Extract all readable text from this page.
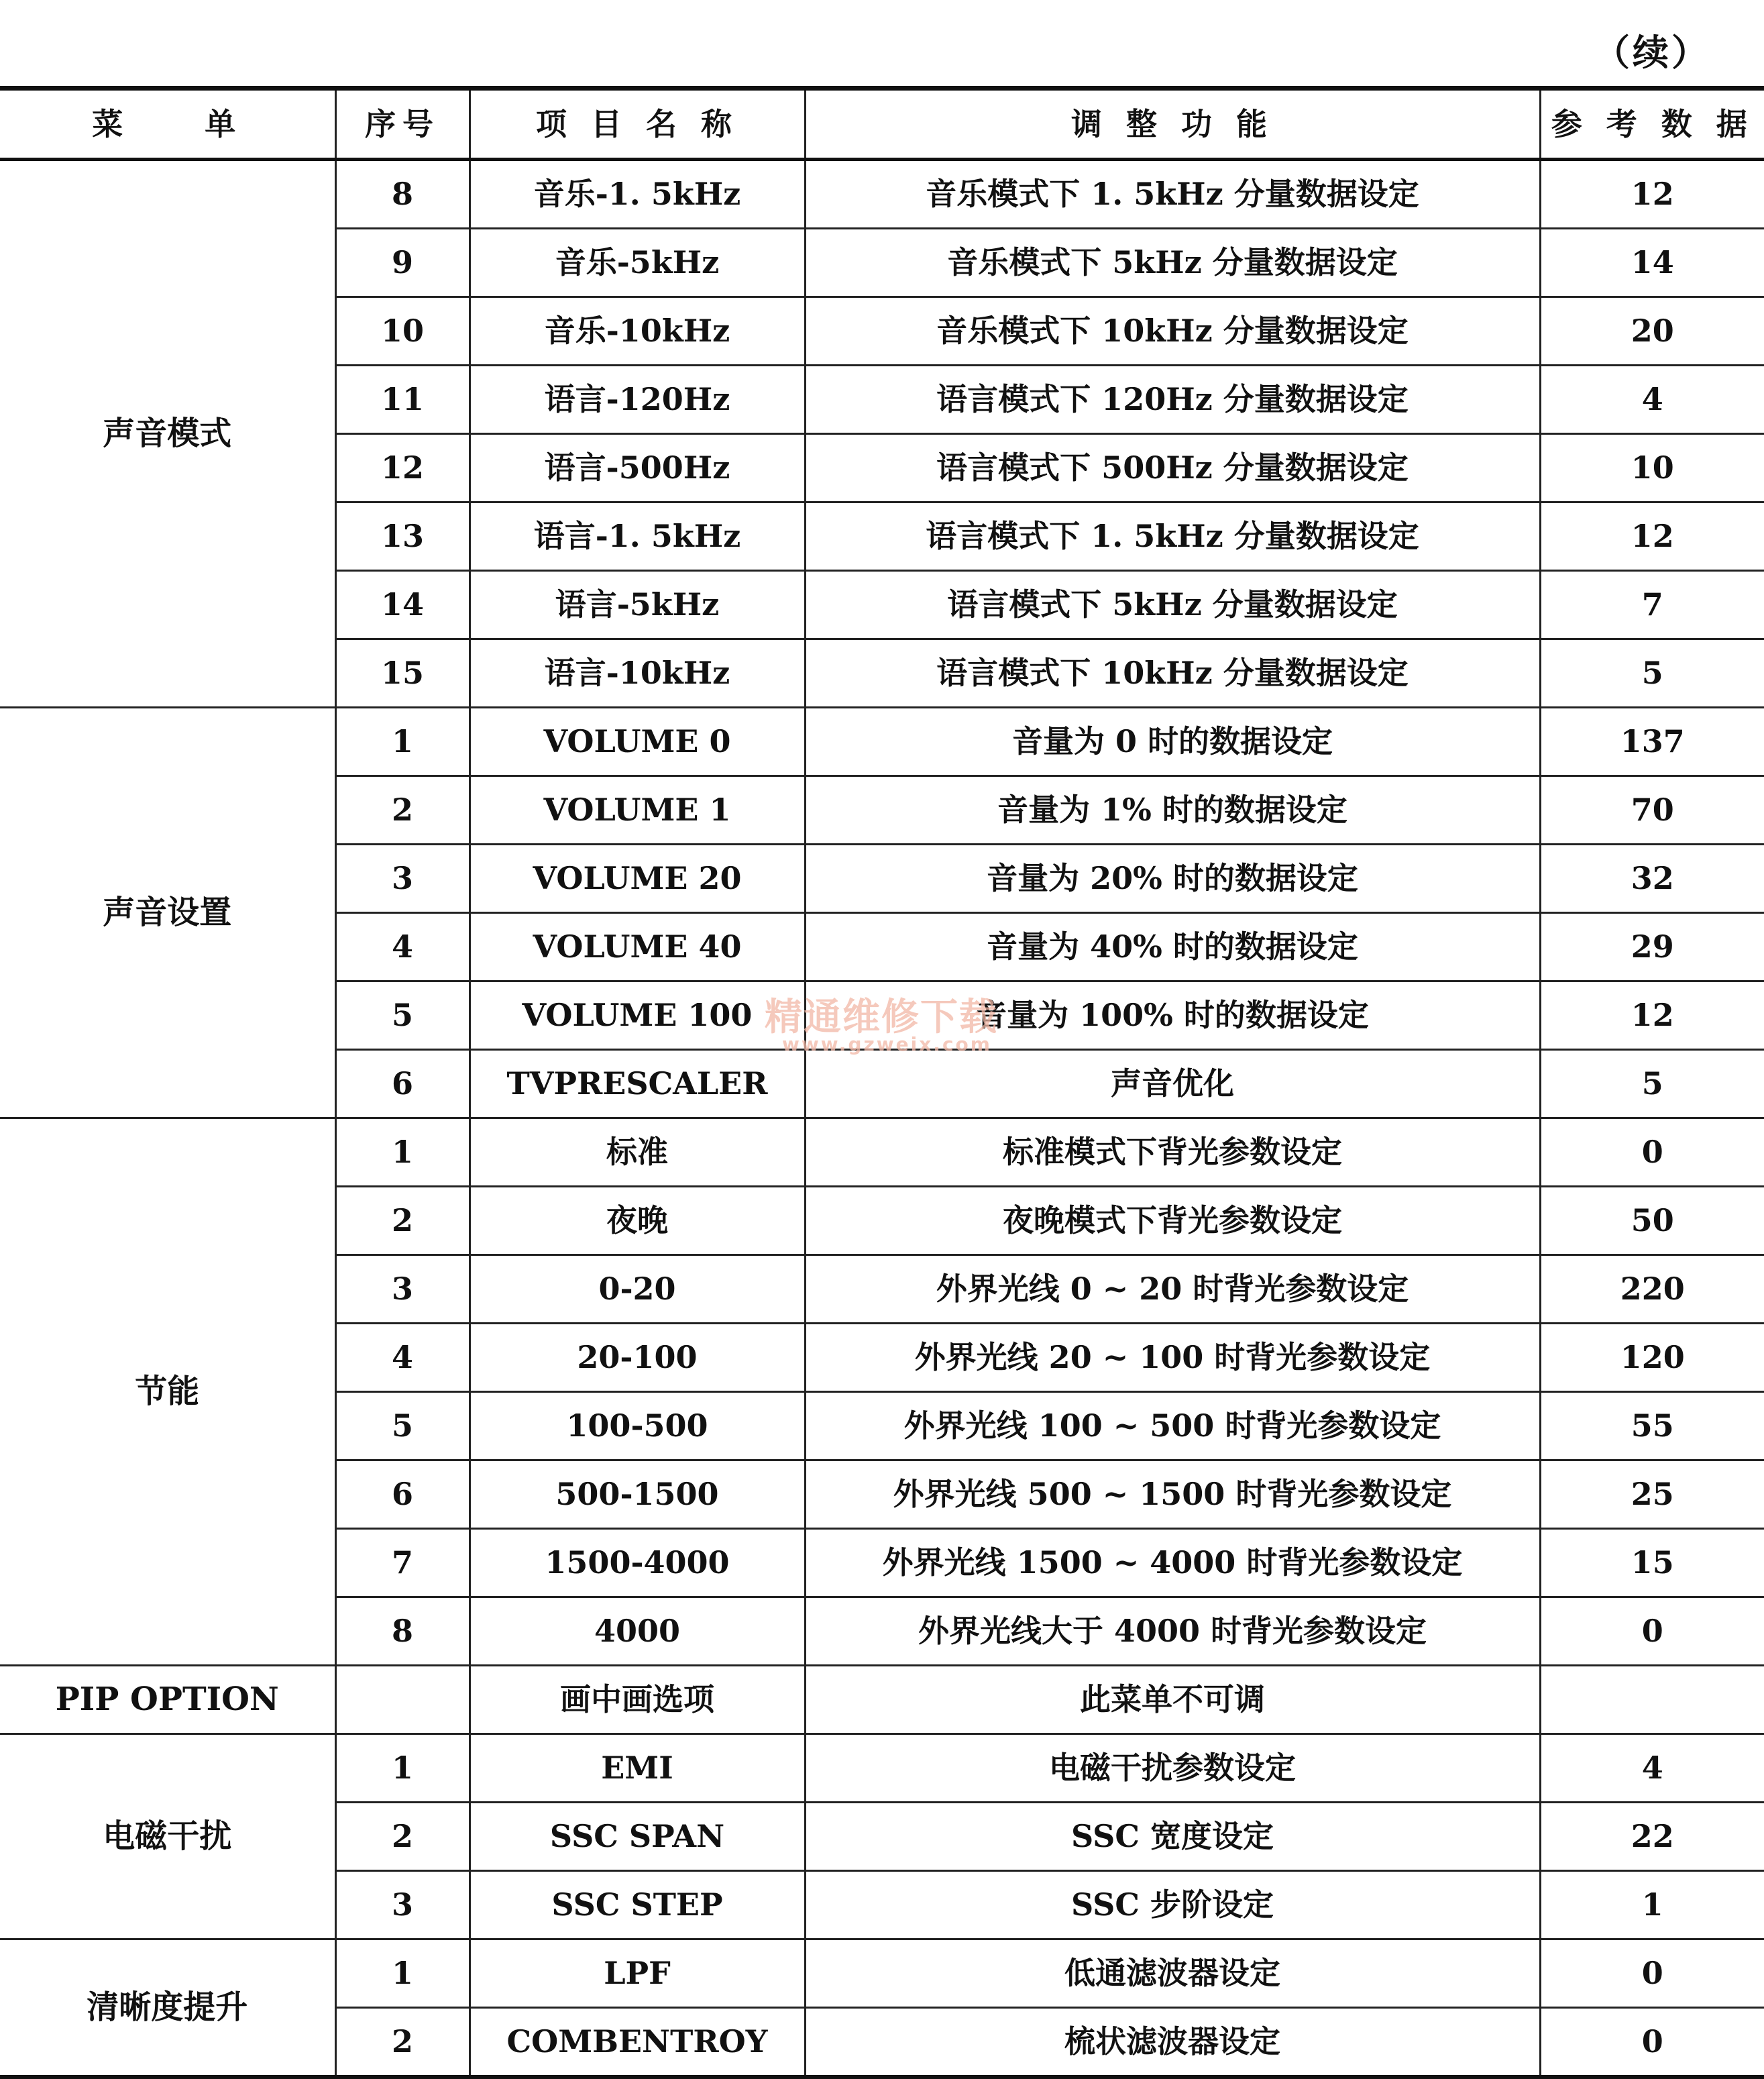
（续）
菜　　单	序号	项 目 名 称	调 整 功 能	参 考 数 据
声音模式	8	音乐-1. 5kHz	音乐模式下 1. 5kHz 分量数据设定	12
	9	音乐-5kHz	音乐模式下 5kHz 分量数据设定	14
	10	音乐-10kHz	音乐模式下 10kHz 分量数据设定	20
	11	语言-120Hz	语言模式下 120Hz 分量数据设定	4
	12	语言-500Hz	语言模式下 500Hz 分量数据设定	10
	13	语言-1. 5kHz	语言模式下 1. 5kHz 分量数据设定	12
	14	语言-5kHz	语言模式下 5kHz 分量数据设定	7
	15	语言-10kHz	语言模式下 10kHz 分量数据设定	5
声音设置	1	VOLUME 0	音量为 0 时的数据设定	137
	2	VOLUME 1	音量为 1% 时的数据设定	70
	3	VOLUME 20	音量为 20% 时的数据设定	32
	4	VOLUME 40	音量为 40% 时的数据设定	29
	5	VOLUME 100	音量为 100% 时的数据设定	12
	6	TVPRESCALER	声音优化	5
节能	1	标准	标准模式下背光参数设定	0
	2	夜晚	夜晚模式下背光参数设定	50
	3	0-20	外界光线 0 ~ 20 时背光参数设定	220
	4	20-100	外界光线 20 ~ 100 时背光参数设定	120
	5	100-500	外界光线 100 ~ 500 时背光参数设定	55
	6	500-1500	外界光线 500 ~ 1500 时背光参数设定	25
	7	1500-4000	外界光线 1500 ~ 4000 时背光参数设定	15
	8	4000	外界光线大于 4000 时背光参数设定	0
PIP OPTION		画中画选项	此菜单不可调	
电磁干扰	1	EMI	电磁干扰参数设定	4
	2	SSC SPAN	SSC 宽度设定	22
	3	SSC STEP	SSC 步阶设定	1
清晰度提升	1	LPF	低通滤波器设定	0
	2	COMBENTROY	梳状滤波器设定	0
精通维修下载
www.gzweix.com
